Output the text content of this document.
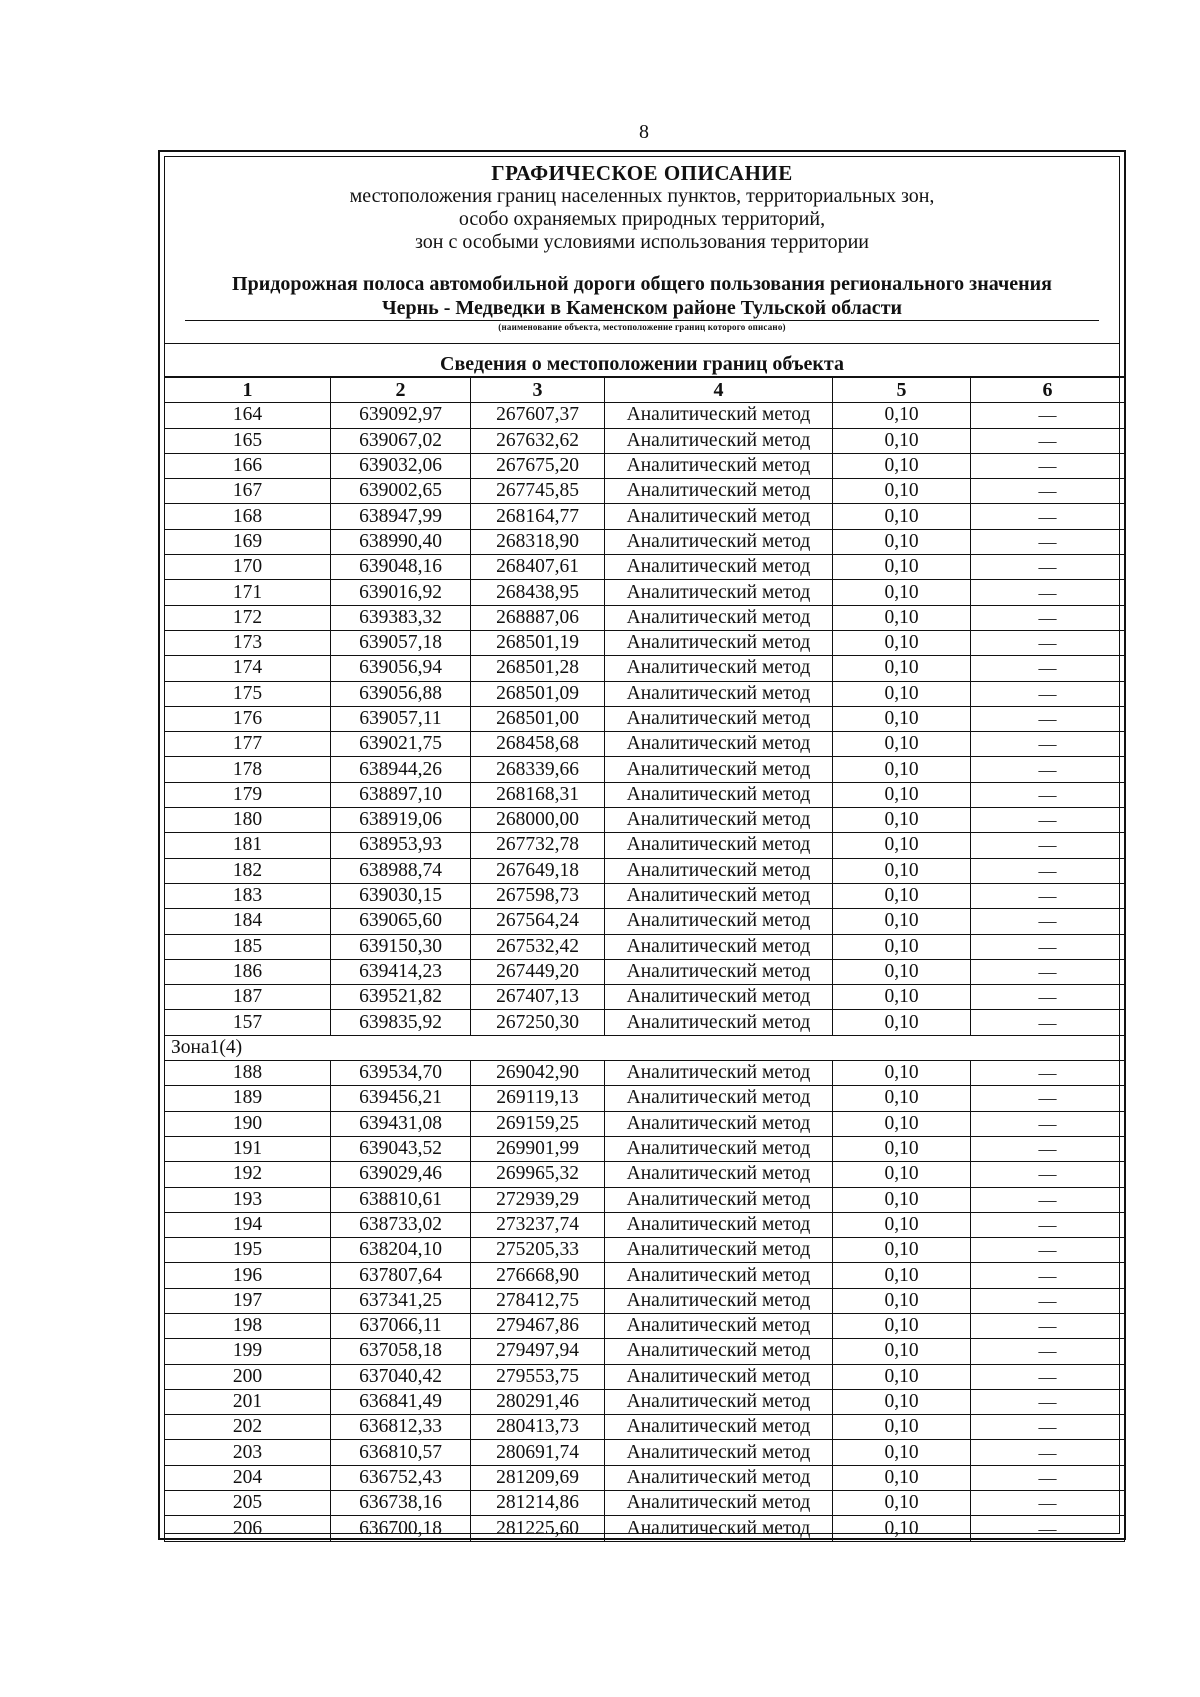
8
ГРАФИЧЕСКОЕ ОПИСАНИЕ
местоположения границ населенных пунктов, территориальных зон,
особо охраняемых природных территорий,
зон с особыми условиями использования территории
Придорожная полоса автомобильной дороги общего пользования регионального значения
Чернь - Медведки в Каменском районе Тульской области
(наименование объекта, местоположение границ которого описано)
Сведения о местоположении границ объекта
1	2	3	4	5	6
164	639092,97	267607,37	Аналитический метод	0,10	—
165	639067,02	267632,62	Аналитический метод	0,10	—
166	639032,06	267675,20	Аналитический метод	0,10	—
167	639002,65	267745,85	Аналитический метод	0,10	—
168	638947,99	268164,77	Аналитический метод	0,10	—
169	638990,40	268318,90	Аналитический метод	0,10	—
170	639048,16	268407,61	Аналитический метод	0,10	—
171	639016,92	268438,95	Аналитический метод	0,10	—
172	639383,32	268887,06	Аналитический метод	0,10	—
173	639057,18	268501,19	Аналитический метод	0,10	—
174	639056,94	268501,28	Аналитический метод	0,10	—
175	639056,88	268501,09	Аналитический метод	0,10	—
176	639057,11	268501,00	Аналитический метод	0,10	—
177	639021,75	268458,68	Аналитический метод	0,10	—
178	638944,26	268339,66	Аналитический метод	0,10	—
179	638897,10	268168,31	Аналитический метод	0,10	—
180	638919,06	268000,00	Аналитический метод	0,10	—
181	638953,93	267732,78	Аналитический метод	0,10	—
182	638988,74	267649,18	Аналитический метод	0,10	—
183	639030,15	267598,73	Аналитический метод	0,10	—
184	639065,60	267564,24	Аналитический метод	0,10	—
185	639150,30	267532,42	Аналитический метод	0,10	—
186	639414,23	267449,20	Аналитический метод	0,10	—
187	639521,82	267407,13	Аналитический метод	0,10	—
157	639835,92	267250,30	Аналитический метод	0,10	—
Зона1(4)					
188	639534,70	269042,90	Аналитический метод	0,10	—
189	639456,21	269119,13	Аналитический метод	0,10	—
190	639431,08	269159,25	Аналитический метод	0,10	—
191	639043,52	269901,99	Аналитический метод	0,10	—
192	639029,46	269965,32	Аналитический метод	0,10	—
193	638810,61	272939,29	Аналитический метод	0,10	—
194	638733,02	273237,74	Аналитический метод	0,10	—
195	638204,10	275205,33	Аналитический метод	0,10	—
196	637807,64	276668,90	Аналитический метод	0,10	—
197	637341,25	278412,75	Аналитический метод	0,10	—
198	637066,11	279467,86	Аналитический метод	0,10	—
199	637058,18	279497,94	Аналитический метод	0,10	—
200	637040,42	279553,75	Аналитический метод	0,10	—
201	636841,49	280291,46	Аналитический метод	0,10	—
202	636812,33	280413,73	Аналитический метод	0,10	—
203	636810,57	280691,74	Аналитический метод	0,10	—
204	636752,43	281209,69	Аналитический метод	0,10	—
205	636738,16	281214,86	Аналитический метод	0,10	—
206	636700,18	281225,60	Аналитический метод	0,10	—
